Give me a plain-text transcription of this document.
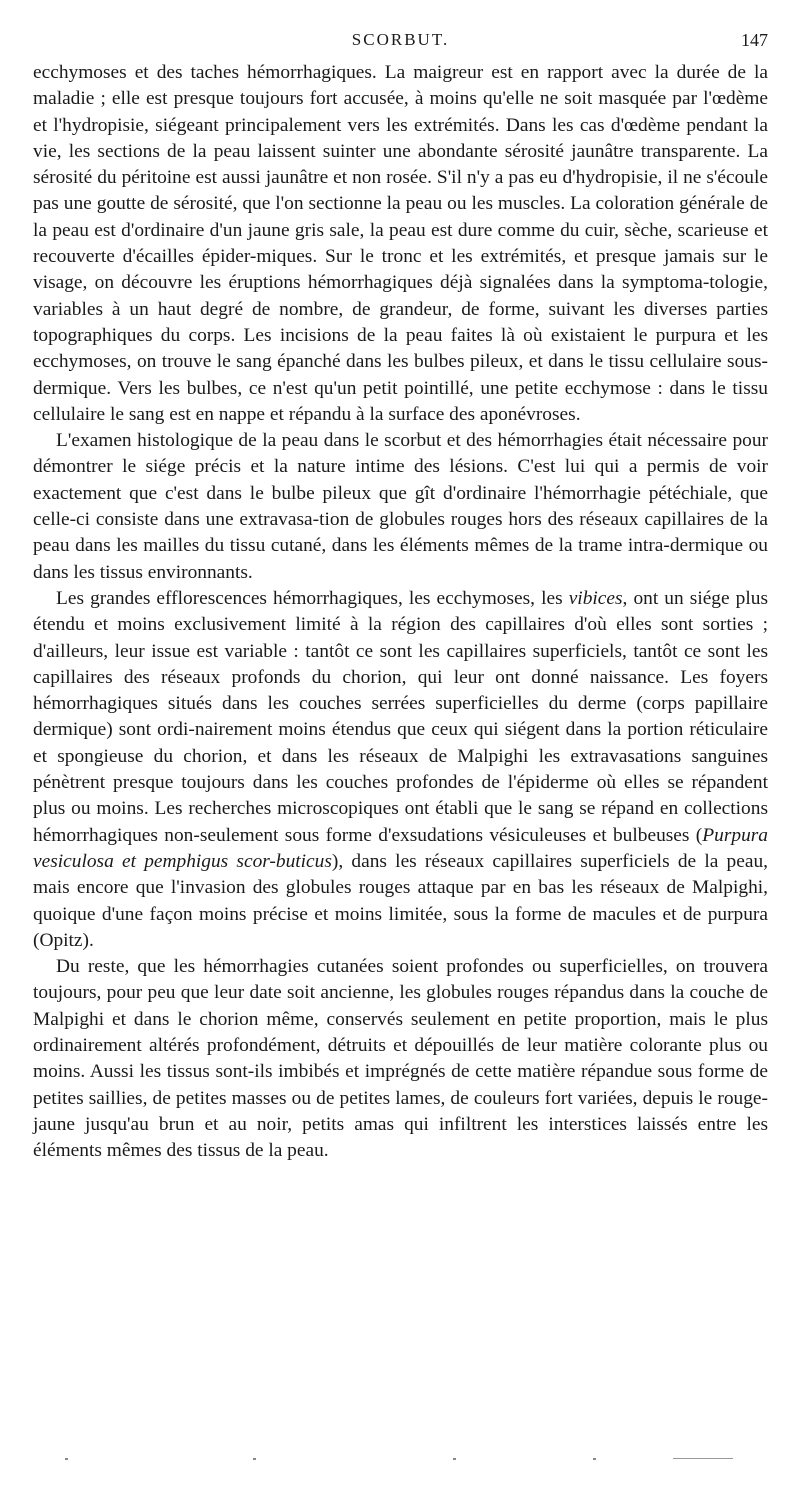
SCORBUT.	147

ecchymoses et des taches hémorrhagiques. La maigreur est en rapport avec la durée de la maladie ; elle est presque toujours fort accusée, à moins qu'elle ne soit masquée par l'œdème et l'hydropisie, siégeant principalement vers les extrémités. Dans les cas d'œdème pendant la vie, les sections de la peau laissent suinter une abondante sérosité jaunâtre transparente. La sérosité du péritoine est aussi jaunâtre et non rosée. S'il n'y a pas eu d'hydropisie, il ne s'écoule pas une goutte de sérosité, que l'on sectionne la peau ou les muscles. La coloration générale de la peau est d'ordinaire d'un jaune gris sale, la peau est dure comme du cuir, sèche, scarieuse et recouverte d'écailles épider-miques. Sur le tronc et les extrémités, et presque jamais sur le visage, on découvre les éruptions hémorrhagiques déjà signalées dans la symptoma-tologie, variables à un haut degré de nombre, de grandeur, de forme, suivant les diverses parties topographiques du corps. Les incisions de la peau faites là où existaient le purpura et les ecchymoses, on trouve le sang épanché dans les bulbes pileux, et dans le tissu cellulaire sous-dermique. Vers les bulbes, ce n'est qu'un petit pointillé, une petite ecchymose : dans le tissu cellulaire le sang est en nappe et répandu à la surface des aponévroses.

L'examen histologique de la peau dans le scorbut et des hémorrhagies était nécessaire pour démontrer le siége précis et la nature intime des lésions. C'est lui qui a permis de voir exactement que c'est dans le bulbe pileux que gît d'ordinaire l'hémorrhagie pétéchiale, que celle-ci consiste dans une extravasa-tion de globules rouges hors des réseaux capillaires de la peau dans les mailles du tissu cutané, dans les éléments mêmes de la trame intra-dermique ou dans les tissus environnants.

Les grandes efflorescences hémorrhagiques, les ecchymoses, les vibices, ont un siége plus étendu et moins exclusivement limité à la région des capillaires d'où elles sont sorties ; d'ailleurs, leur issue est variable : tantôt ce sont les capillaires superficiels, tantôt ce sont les capillaires des réseaux profonds du chorion, qui leur ont donné naissance. Les foyers hémorrhagiques situés dans les couches serrées superficielles du derme (corps papillaire dermique) sont ordi-nairement moins étendus que ceux qui siégent dans la portion réticulaire et spongieuse du chorion, et dans les réseaux de Malpighi les extravasations sanguines pénètrent presque toujours dans les couches profondes de l'épiderme où elles se répandent plus ou moins. Les recherches microscopiques ont établi que le sang se répand en collections hémorrhagiques non-seulement sous forme d'exsudations vésiculeuses et bulbeuses (Purpura vesiculosa et pemphigus scor-buticus), dans les réseaux capillaires superficiels de la peau, mais encore que l'invasion des globules rouges attaque par en bas les réseaux de Malpighi, quoique d'une façon moins précise et moins limitée, sous la forme de macules et de purpura (Opitz).

Du reste, que les hémorrhagies cutanées soient profondes ou superficielles, on trouvera toujours, pour peu que leur date soit ancienne, les globules rouges répandus dans la couche de Malpighi et dans le chorion même, conservés seulement en petite proportion, mais le plus ordinairement altérés profondément, détruits et dépouillés de leur matière colorante plus ou moins. Aussi les tissus sont-ils imbibés et imprégnés de cette matière répandue sous forme de petites saillies, de petites masses ou de petites lames, de couleurs fort variées, depuis le rouge-jaune jusqu'au brun et au noir, petits amas qui infiltrent les interstices laissés entre les éléments mêmes des tissus de la peau.
